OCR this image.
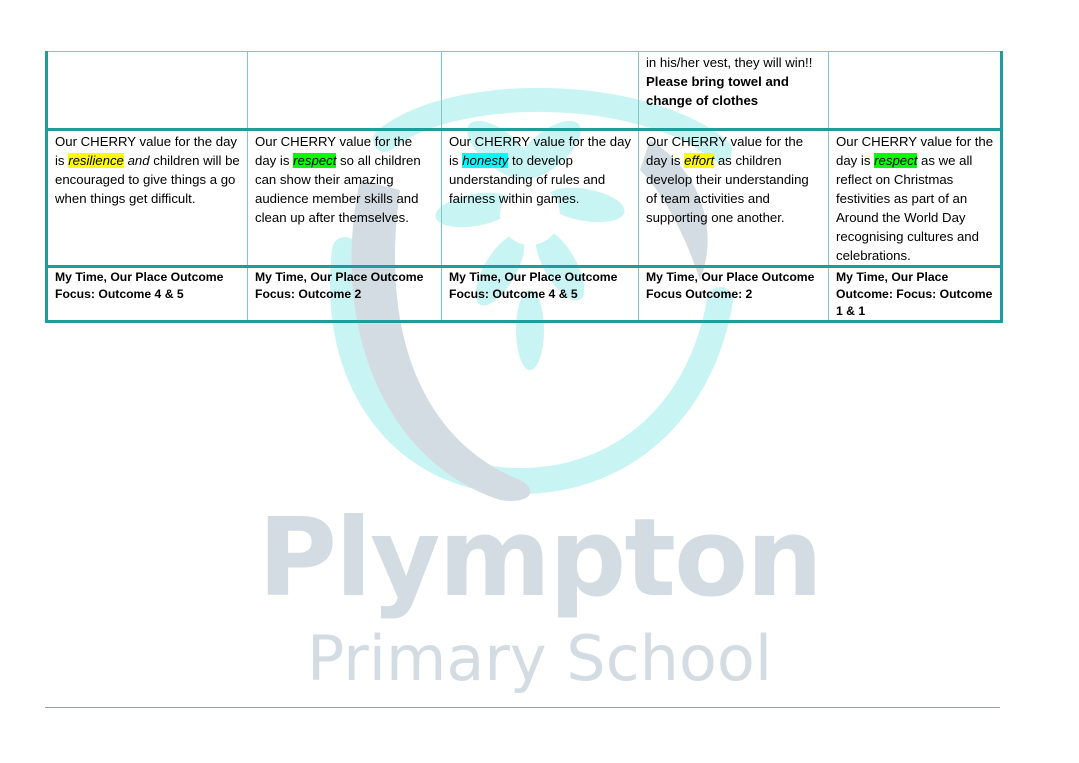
Plympton
Primary School
			in his/her vest, they will win!!
Please bring towel and change of clothes	
Our CHERRY value for the day is resilience and children will be encouraged to give things a go when things get difficult.	Our CHERRY value for the day is respect so all children can show their amazing audience member skills and clean up after themselves.	Our CHERRY value for the day is honesty to develop understanding of rules and fairness within games.	Our CHERRY value for the day is effort as children develop their understanding of team activities and supporting one another.	Our CHERRY value for the day is respect as we all reflect on Christmas festivities as part of an Around the World Day recognising cultures and celebrations.
My Time, Our Place Outcome Focus: Outcome 4 & 5	My Time, Our Place Outcome Focus: Outcome 2	My Time, Our Place Outcome Focus: Outcome 4 & 5	My Time, Our Place Outcome Focus Outcome: 2	My Time, Our Place Outcome: Focus: Outcome 1 & 1
